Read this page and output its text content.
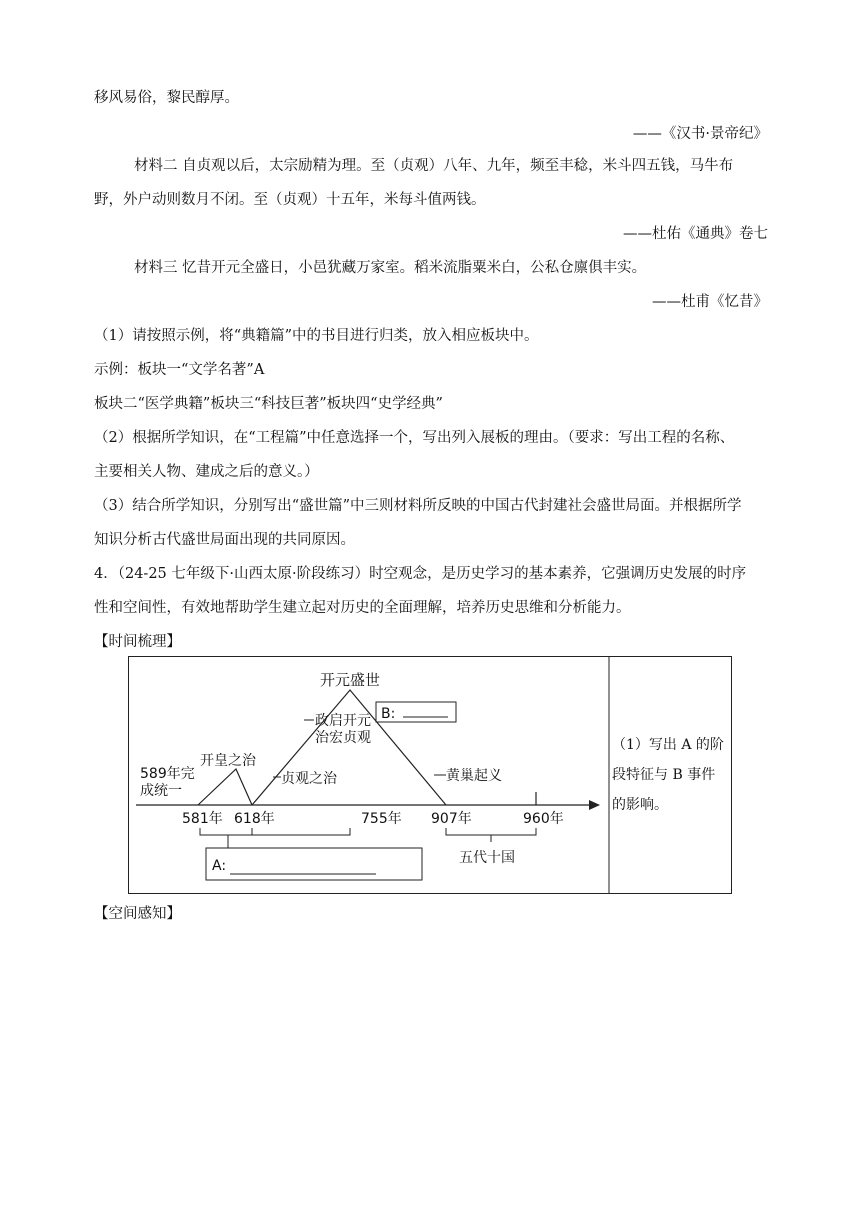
移风易俗，黎民醇厚。
——《汉书·景帝纪》
材料二 自贞观以后，太宗励精为理。至（贞观）八年、九年，频至丰稔，米斗四五钱，马牛布
野，外户动则数月不闭。至（贞观）十五年，米每斗值两钱。
——杜佑《通典》卷七
材料三 忆昔开元全盛日，小邑犹藏万家室。稻米流脂粟米白，公私仓廪俱丰实。
——杜甫《忆昔》
（1）请按照示例，将“典籍篇”中的书目进行归类，放入相应板块中。
示例：板块一“文学名著”A
板块二“医学典籍”板块三“科技巨著”板块四“史学经典”
（2）根据所学知识，在“工程篇”中任意选择一个，写出列入展板的理由。（要求：写出工程的名称、
主要相关人物、建成之后的意义。）
（3）结合所学知识，分别写出“盛世篇”中三则材料所反映的中国古代封建社会盛世局面。并根据所学
知识分析古代盛世局面出现的共同原因。
4．（24-25 七年级下·山西太原·阶段练习）时空观念，是历史学习的基本素养，它强调历史发展的时序
性和空间性，有效地帮助学生建立起对历史的全面理解，培养历史思维和分析能力。
【时间梳理】
开元盛世
B:
政启开元
治宏贞观
开皇之治
589年完
成统一
贞观之治	黄巢起义
581年 618年	755年 907年	960年
A:	五代十国
（1）写出 A 的阶段特征与 B 事件的影响。
【空间感知】
